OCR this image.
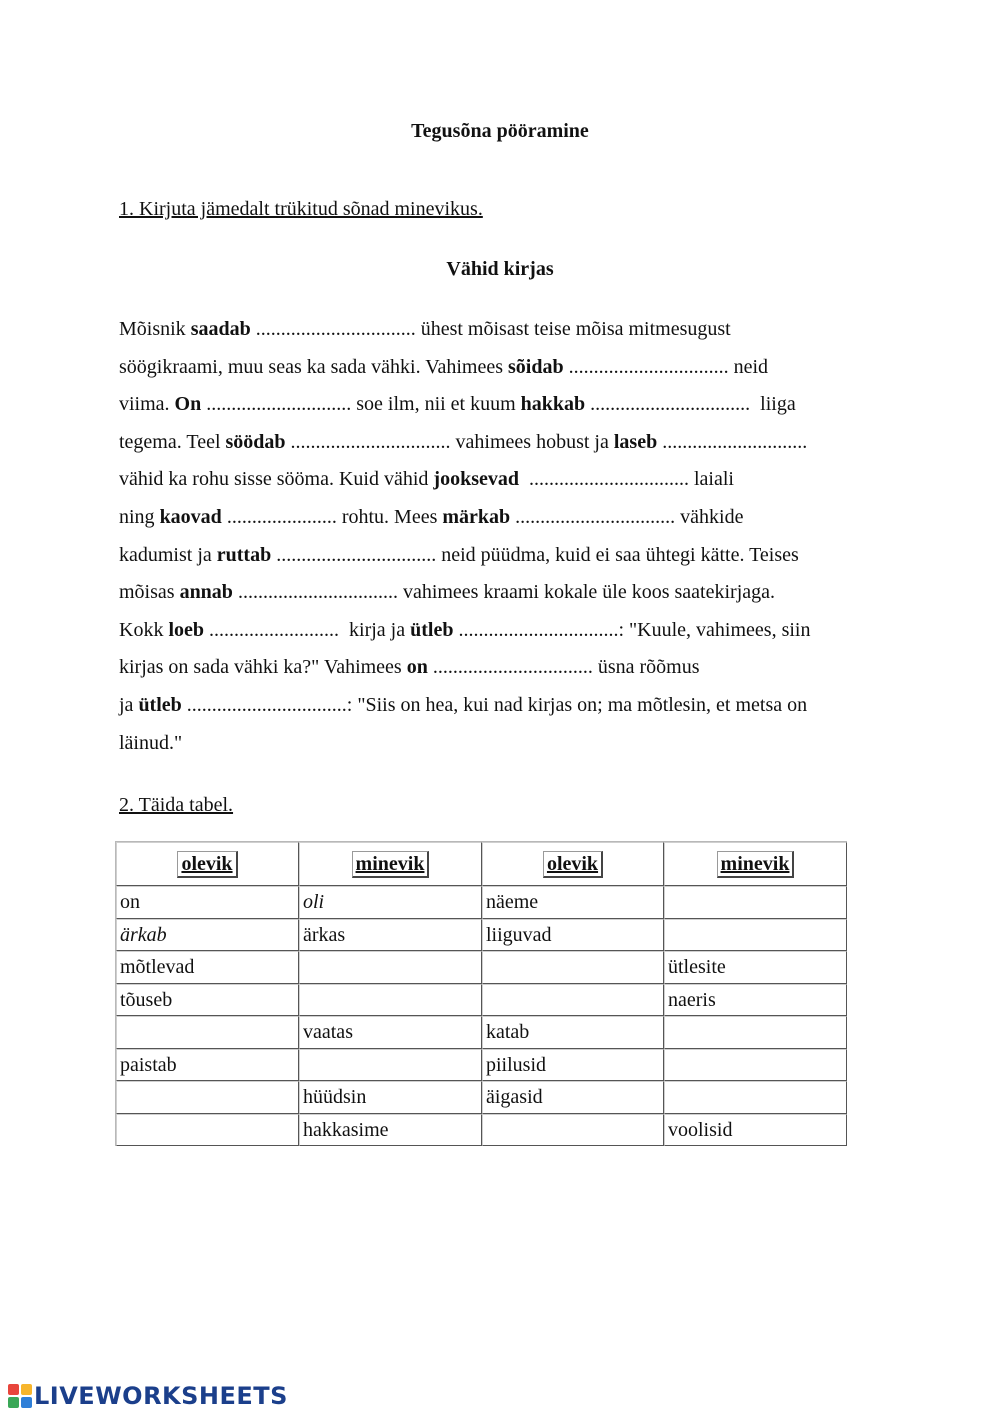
Tegusõna pööramine
1. Kirjuta jämedalt trükitud sõnad minevikus.
Vähid kirjas
Mõisnik saadab ................................ ühest mõisast teise mõisa mitmesugust
söögikraami, muu seas ka sada vähki. Vahimees sõidab ................................ neid
viima. On ............................. soe ilm, nii et kuum hakkab ................................  liiga
tegema. Teel söödab ................................ vahimees hobust ja laseb .............................
vähid ka rohu sisse sööma. Kuid vähid jooksevad  ................................ laiali
ning kaovad ...................... rohtu. Mees märkab ................................ vähkide
kadumist ja ruttab ................................ neid püüdma, kuid ei saa ühtegi kätte. Teises
mõisas annab ................................ vahimees kraami kokale üle koos saatekirjaga.
Kokk loeb ..........................  kirja ja ütleb ................................: "Kuule, vahimees, siin
kirjas on sada vähki ka?" Vahimees on ................................ üsna rõõmus
ja ütleb ................................: "Siis on hea, kui nad kirjas on; ma mõtlesin, et metsa on
läinud."
2. Täida tabel.
olevik	minevik	olevik	minevik
on	oli	näeme	
ärkab	ärkas	liiguvad	
mõtlevad			ütlesite
tõuseb			naeris
	vaatas	katab	
paistab		piilusid	
	hüüdsin	äigasid	
	hakkasime		voolisid
LIVEWORKSHEETS
